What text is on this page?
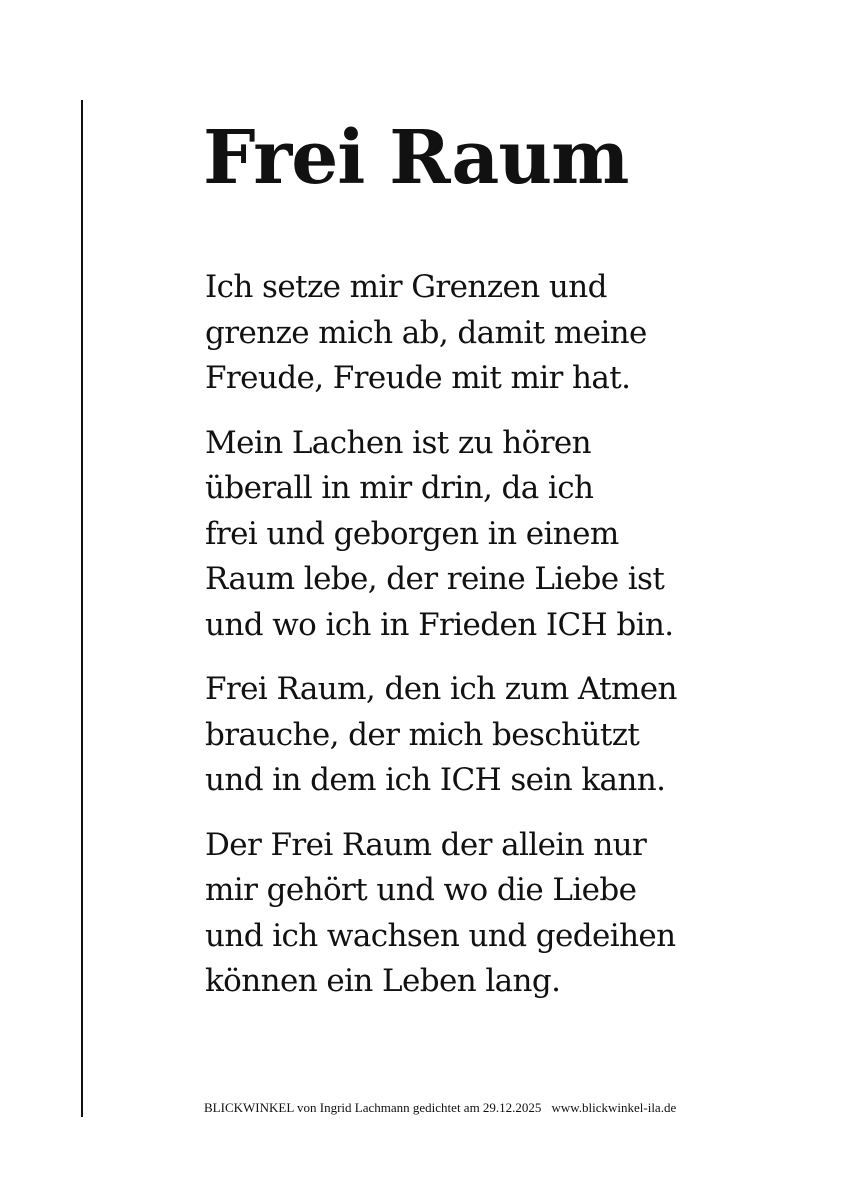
Frei Raum

Ich setze mir Grenzen und
grenze mich ab, damit meine
Freude, Freude mit mir hat.

Mein Lachen ist zu hören
überall in mir drin, da ich
frei und geborgen in einem
Raum lebe, der reine Liebe ist
und wo ich in Frieden ICH bin.

Frei Raum, den ich zum Atmen
brauche, der mich beschützt
und in dem ich ICH sein kann.

Der Frei Raum der allein nur
mir gehört und wo die Liebe
und ich wachsen und gedeihen
können ein Leben lang.

BLICKWINKEL von Ingrid Lachmann gedichtet am 29.12.2025 www.blickwinkel-ila.de
